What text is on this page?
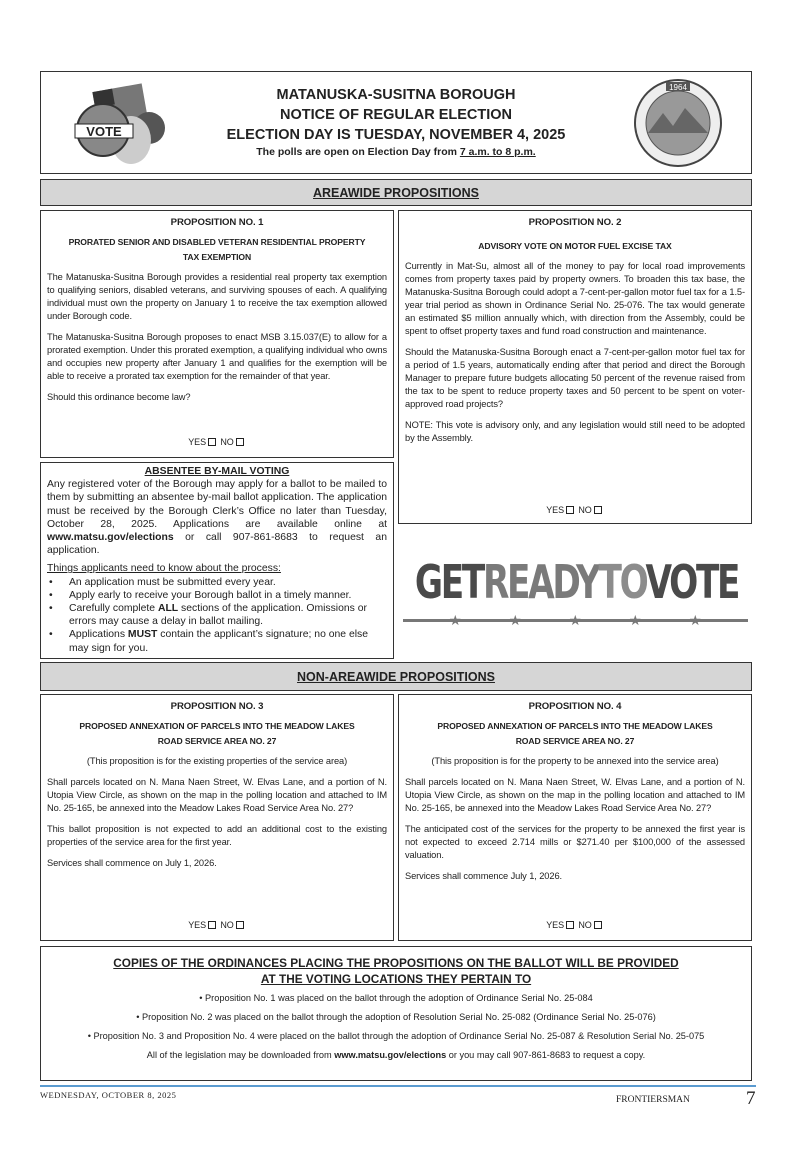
VOTE
MATANUSKA-SUSITNA BOROUGH
NOTICE OF REGULAR ELECTION
ELECTION DAY IS TUESDAY, NOVEMBER 4, 2025
The polls are open on Election Day from 7 a.m. to 8 p.m.
1964
AREAWIDE PROPOSITIONS
PROPOSITION NO. 1
PRORATED SENIOR AND DISABLED VETERAN RESIDENTIAL PROPERTY TAX EXEMPTION

The Matanuska-Susitna Borough provides a residential real property tax exemption to qualifying seniors, disabled veterans, and surviving spouses of each. A qualifying individual must own the property on January 1 to receive the tax exemption allowed under Borough code.

The Matanuska-Susitna Borough proposes to enact MSB 3.15.037(E) to allow for a prorated exemption. Under this prorated exemption, a qualifying individual who owns and occupies new property after January 1 and qualifies for the exemption will be able to receive a prorated tax exemption for the remainder of that year.

Should this ordinance become law?

YES NO
ABSENTEE BY-MAIL VOTING

Any registered voter of the Borough may apply for a ballot to be mailed to them by submitting an absentee by-mail ballot application. The application must be received by the Borough Clerk’s Office no later than Tuesday, October 28, 2025. Applications are available online at www.matsu.gov/elections or call 907-861-8683 to request an application.

Things applicants need to know about the process:
• An application must be submitted every year.
• Apply early to receive your Borough ballot in a timely manner.
• Carefully complete ALL sections of the application. Omissions or errors may cause a delay in ballot mailing.
• Applications MUST contain the applicant’s signature; no one else may sign for you.
PROPOSITION NO. 2
ADVISORY VOTE ON MOTOR FUEL EXCISE TAX

Currently in Mat-Su, almost all of the money to pay for local road improvements comes from property taxes paid by property owners. To broaden this tax base, the Matanuska-Susitna Borough could adopt a 7-cent-per-gallon motor fuel tax for a 1.5-year trial period as shown in Ordinance Serial No. 25-076. The tax would generate an estimated $5 million annually which, with direction from the Assembly, could be spent to offset property taxes and fund road construction and maintenance.

Should the Matanuska-Susitna Borough enact a 7-cent-per-gallon motor fuel tax for a period of 1.5 years, automatically ending after that period and direct the Borough Manager to prepare future budgets allocating 50 percent of the revenue raised from the tax to be spent to reduce property taxes and 50 percent to be spent on voter-approved road projects?

NOTE: This vote is advisory only, and any legislation would still need to be adopted by the Assembly.

YES NO
GETREADYTOVOTE
★	★	★	★	★
NON-AREAWIDE PROPOSITIONS
PROPOSITION NO. 3
PROPOSED ANNEXATION OF PARCELS INTO THE MEADOW LAKES ROAD SERVICE AREA NO. 27

(This proposition is for the existing properties of the service area)

Shall parcels located on N. Mana Naen Street, W. Elvas Lane, and a portion of N. Utopia View Circle, as shown on the map in the polling location and attached to IM No. 25-165, be annexed into the Meadow Lakes Road Service Area No. 27?

This ballot proposition is not expected to add an additional cost to the existing properties of the service area for the first year.

Services shall commence on July 1, 2026.

YES NO
PROPOSITION NO. 4
PROPOSED ANNEXATION OF PARCELS INTO THE MEADOW LAKES ROAD SERVICE AREA NO. 27

(This proposition is for the property to be annexed into the service area)

Shall parcels located on N. Mana Naen Street, W. Elvas Lane, and a portion of N. Utopia View Circle, as shown on the map in the polling location and attached to IM No. 25-165, be annexed into the Meadow Lakes Road Service Area No. 27?

The anticipated cost of the services for the property to be annexed the first year is not expected to exceed 2.714 mills or $271.40 per $100,000 of the assessed valuation.

Services shall commence July 1, 2026.

YES NO
COPIES OF THE ORDINANCES PLACING THE PROPOSITIONS ON THE BALLOT WILL BE PROVIDED
AT THE VOTING LOCATIONS THEY PERTAIN TO

• Proposition No. 1 was placed on the ballot through the adoption of Ordinance Serial No. 25-084

• Proposition No. 2 was placed on the ballot through the adoption of Resolution Serial No. 25-082 (Ordinance Serial No. 25-076)

• Proposition No. 3 and Proposition No. 4 were placed on the ballot through the adoption of Ordinance Serial No. 25-087 & Resolution Serial No. 25-075

All of the legislation may be downloaded from www.matsu.gov/elections or you may call 907-861-8683 to request a copy.

WEDNESDAY, OCTOBER 8, 2025	FRONTIERSMAN	7
